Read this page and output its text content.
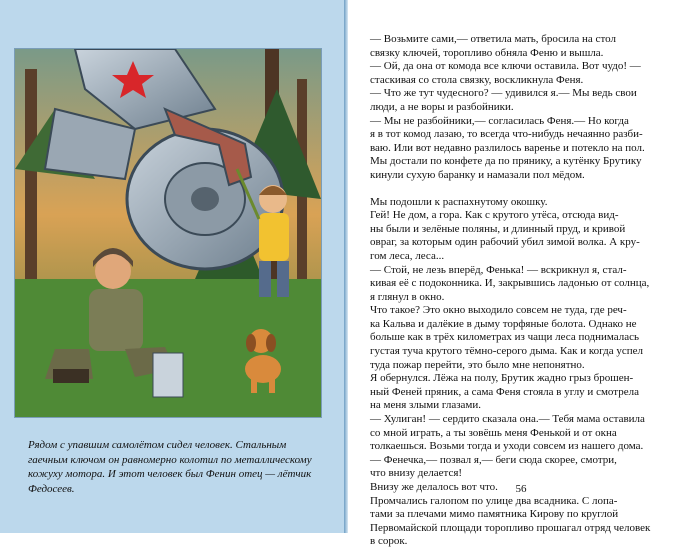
Рядом с упавшим самолётом сидел человек. Стальным
гаечным ключом он равномерно колотил по металлическому
кожуху мотора. И этот человек был Фенин отец — лётчик
Федосеев.
— Возьмите сами,— ответила мать, бросила на стол
связку ключей, торопливо обняла Феню и вышла.
— Ой, да она от комода все ключи оставила. Вот чудо! —
стаскивая со стола связку, воскликнула Феня.
— Что же тут чудесного? — удивился я.— Мы ведь свои
люди, а не воры и разбойники.
— Мы не разбойники,— согласилась Феня.— Но когда
я в тот комод лазаю, то всегда что-нибудь нечаянно разби-
ваю. Или вот недавно разлилось варенье и потекло на пол.
Мы достали по конфете да по прянику, а кутёнку Брутику
кинули сухую баранку и намазали пол мёдом.
Мы подошли к распахнутому окошку.
Гей! Не дом, а гора. Как с крутого утёса, отсюда вид-
ны были и зелёные поляны, и длинный пруд, и кривой
овраг, за которым один рабочий убил зимой волка. А кру-
гом леса, леса...
— Стой, не лезь вперёд, Фенька! — вскрикнул я, стал-
кивая её с подоконника. И, закрывшись ладонью от солнца,
я глянул в окно.
Что такое? Это окно выходило совсем не туда, где реч-
ка Кальва и далёкие в дыму торфяные болота. Однако не
больше как в трёх километрах из чащи леса поднималась
густая туча крутого тёмно-серого дыма. Как и когда успел
туда пожар перейти, это было мне непонятно.
Я обернулся. Лёжа на полу, Брутик жадно грыз брошен-
ный Феней пряник, а сама Феня стояла в углу и смотрела
на меня злыми глазами.
— Хулиган! — сердито сказала она.— Тебя мама оставила
со мной играть, а ты зовёшь меня Фенькой и от окна
толкаешься. Возьми тогда и уходи совсем из нашего дома.
— Фенечка,— позвал я,— беги сюда скорее, смотри,
что внизу делается!
Внизу же делалось вот что.
Промчались галопом по улице два всадника. С лопа-
тами за плечами мимо памятника Кирову по круглой
Первомайской площади торопливо прошагал отряд человек
в сорок.
56
